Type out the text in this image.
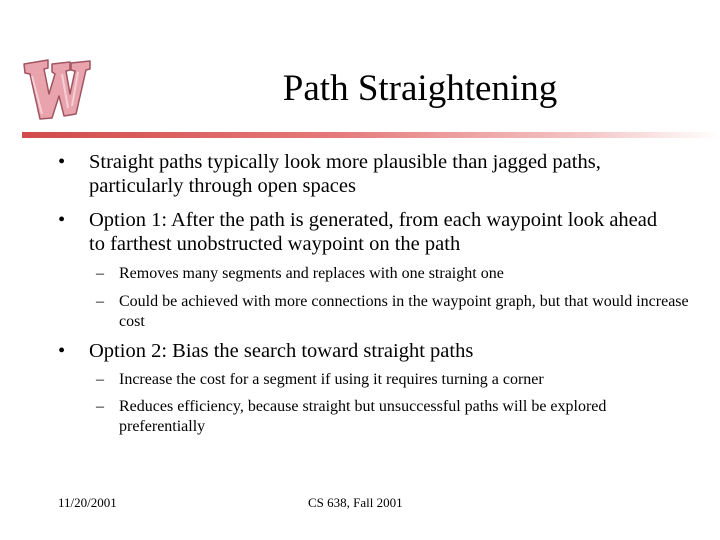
Path Straightening
• Straight paths typically look more plausible than jagged paths, particularly through open spaces
• Option 1: After the path is generated, from each waypoint look ahead to farthest unobstructed waypoint on the path
– Removes many segments and replaces with one straight one
– Could be achieved with more connections in the waypoint graph, but that would increase cost
• Option 2: Bias the search toward straight paths
– Increase the cost for a segment if using it requires turning a corner
– Reduces efficiency, because straight but unsuccessful paths will be explored preferentially
11/20/2001	CS 638, Fall 2001
